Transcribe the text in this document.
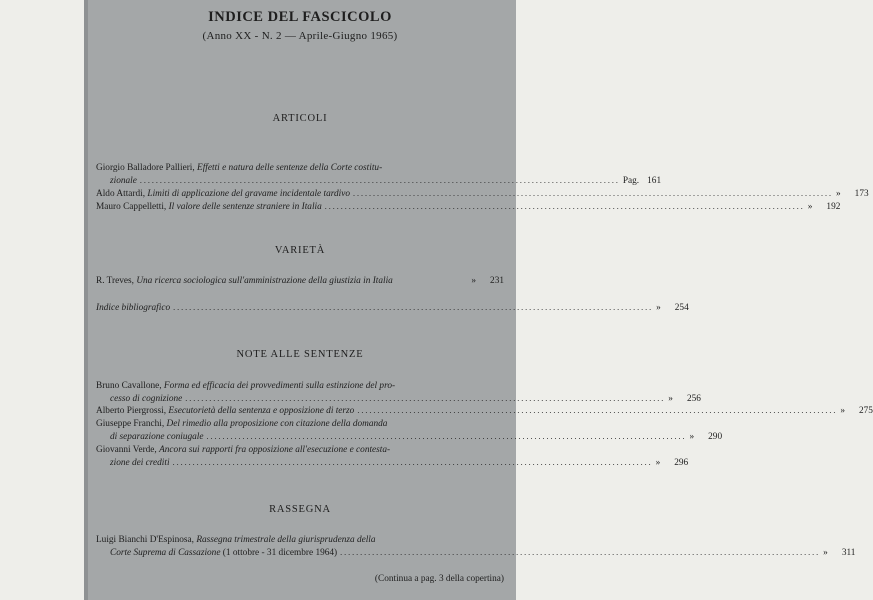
INDICE DEL FASCICOLO
(Anno XX - N. 2 — Aprile-Giugno 1965)
ARTICOLI
Giorgio Balladore Pallieri, Effetti e natura delle sentenze della Corte costitu-
zionale ........................................................................................................................ Pag. 161
Aldo Attardi, Limiti di applicazione del gravame incidentale tardivo ........................................................................................................................ » 173
Mauro Cappelletti, Il valore delle sentenze straniere in Italia ........................................................................................................................ » 192
VARIETÀ
R. Treves, Una ricerca sociologica sull'amministrazione della giustizia in Italia	» 231
Indice bibliografico ........................................................................................................................ » 254
NOTE ALLE SENTENZE
Bruno Cavallone, Forma ed efficacia dei provvedimenti sulla estinzione del pro-
cesso di cognizione ........................................................................................................................ » 256
Alberto Piergrossi, Esecutorietà della sentenza e opposizione di terzo ........................................................................................................................ » 275
Giuseppe Franchi, Del rimedio alla proposizione con citazione della domanda
di separazione coniugale ........................................................................................................................ » 290
Giovanni Verde, Ancora sui rapporti fra opposizione all'esecuzione e contesta-
zione dei crediti ........................................................................................................................ » 296
RASSEGNA
Luigi Bianchi D'Espinosa, Rassegna trimestrale della giurisprudenza della
Corte Suprema di Cassazione (1 ottobre - 31 dicembre 1964) ........................................................................................................................ » 311
(Continua a pag. 3 della copertina)
